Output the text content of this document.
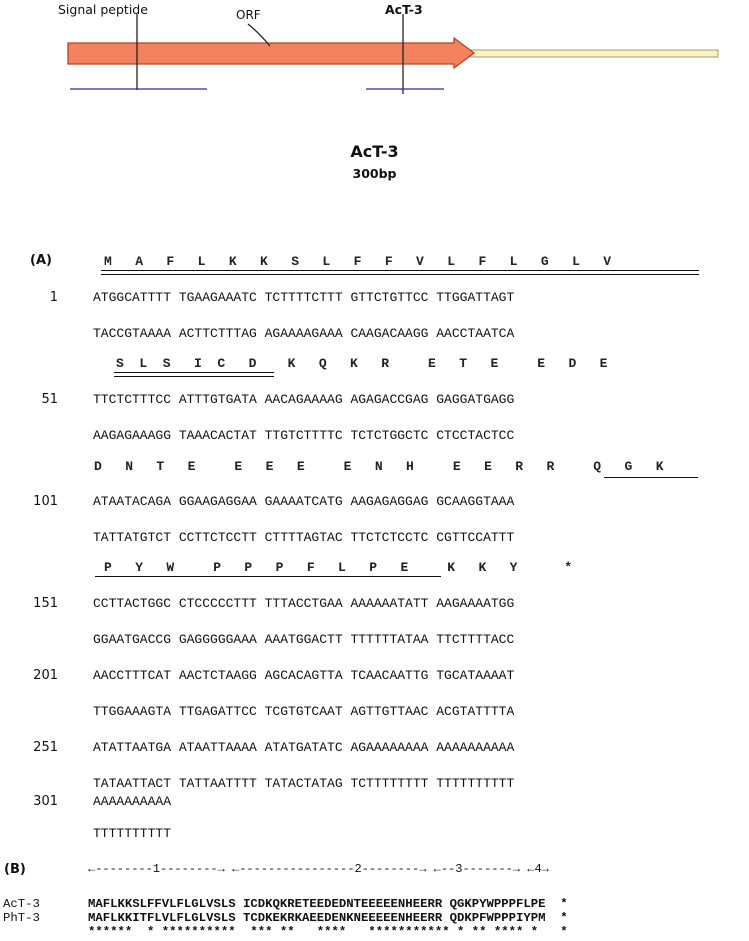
Signal peptide	ORF	AcT-3
AcT-3
300bp
(A)	M   A   F   L   K   K   S   L   F   F   V   L   F   L   G   L   V
1	ATGGCATTTT TGAAGAAATC TCTTTTCTTT GTTCTGTTCC TTGGATTAGT
TACCGTAAAA ACTTCTTTAG AGAAAAGAAA CAAGACAAGG AACCTAATCA
S  L  S   I  C   D    K   Q   K   R     E   T   E     E   D   E
51	TTCTCTTTCC ATTTGTGATA AACAGAAAAG AGAGACCGAG GAGGATGAGG
AAGAGAAAGG TAAACACTAT TTGTCTTTTC TCTCTGGCTC CTCCTACTCC
D   N   T   E     E   E   E     E   N   H     E   E   R   R     Q   G   K
101	ATAATACAGA GGAAGAGGAA GAAAATCATG AAGAGAGGAG GCAAGGTAAA
TATTATGTCT CCTTCTCCTT CTTTTAGTAC TTCTCTCCTC CGTTCCATTT
P   Y   W     P   P   P   F   L   P   E     K   K   Y      *
151	CCTTACTGGC CTCCCCCTTT TTTACCTGAA AAAAAATATT AAGAAAATGG
GGAATGACCG GAGGGGGAAA AAATGGACTT TTTTTTATAA TTCTTTTACC
201	AACCTTTCAT AACTCTAAGG AGCACAGTTA TCAACAATTG TGCATAAAAT
TTGGAAAGTA TTGAGATTCC TCGTGTCAAT AGTTGTTAAC ACGTATTTTA
251	ATATTAATGA ATAATTAAAA ATATGATATC AGAAAAAAAA AAAAAAAAAA
TATAATTACT TATTAATTTT TATACTATAG TCTTTTTTTT TTTTTTTTTT
301	AAAAAAAAAA
TTTTTTTTTT
(B)	←--------1--------→ ←----------------2--------→ ←--3-------→ ←4→
AcT-3	MAFLKKSLFFVLFLGLVSLS ICDKQKRETEEDEDNTEEEEENHEERR QGKPYWPPPFLPE  *
PhT-3	MAFLKKITFLVLFLGLVSLS TCDKEKRKAEEDENKNEEEEENHEERR QDKPFWPPPIYPM  *
******  * **********  *** **   ****   *********** * ** **** *   *
